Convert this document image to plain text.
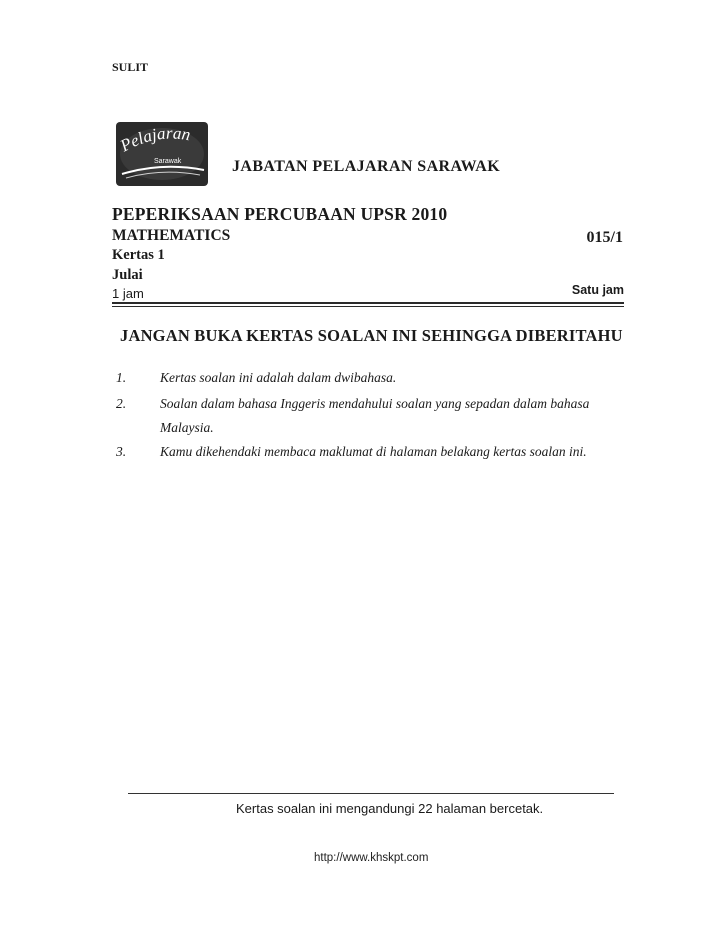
SULIT
Pelajaran
Sarawak	JABATAN PELAJARAN SARAWAK
PEPERIKSAAN PERCUBAAN UPSR 2010
MATHEMATICS	015/1
Kertas 1
Julai
1 jam	Satu jam
JANGAN BUKA KERTAS SOALAN INI SEHINGGA DIBERITAHU
1.	Kertas soalan ini adalah dalam dwibahasa.
2.	Soalan dalam bahasa Inggeris mendahului soalan yang sepadan dalam bahasa
Malaysia.
3.	Kamu dikehendaki membaca maklumat di halaman belakang kertas soalan ini.
Kertas soalan ini mengandungi 22 halaman bercetak.
http://www.khskpt.com
